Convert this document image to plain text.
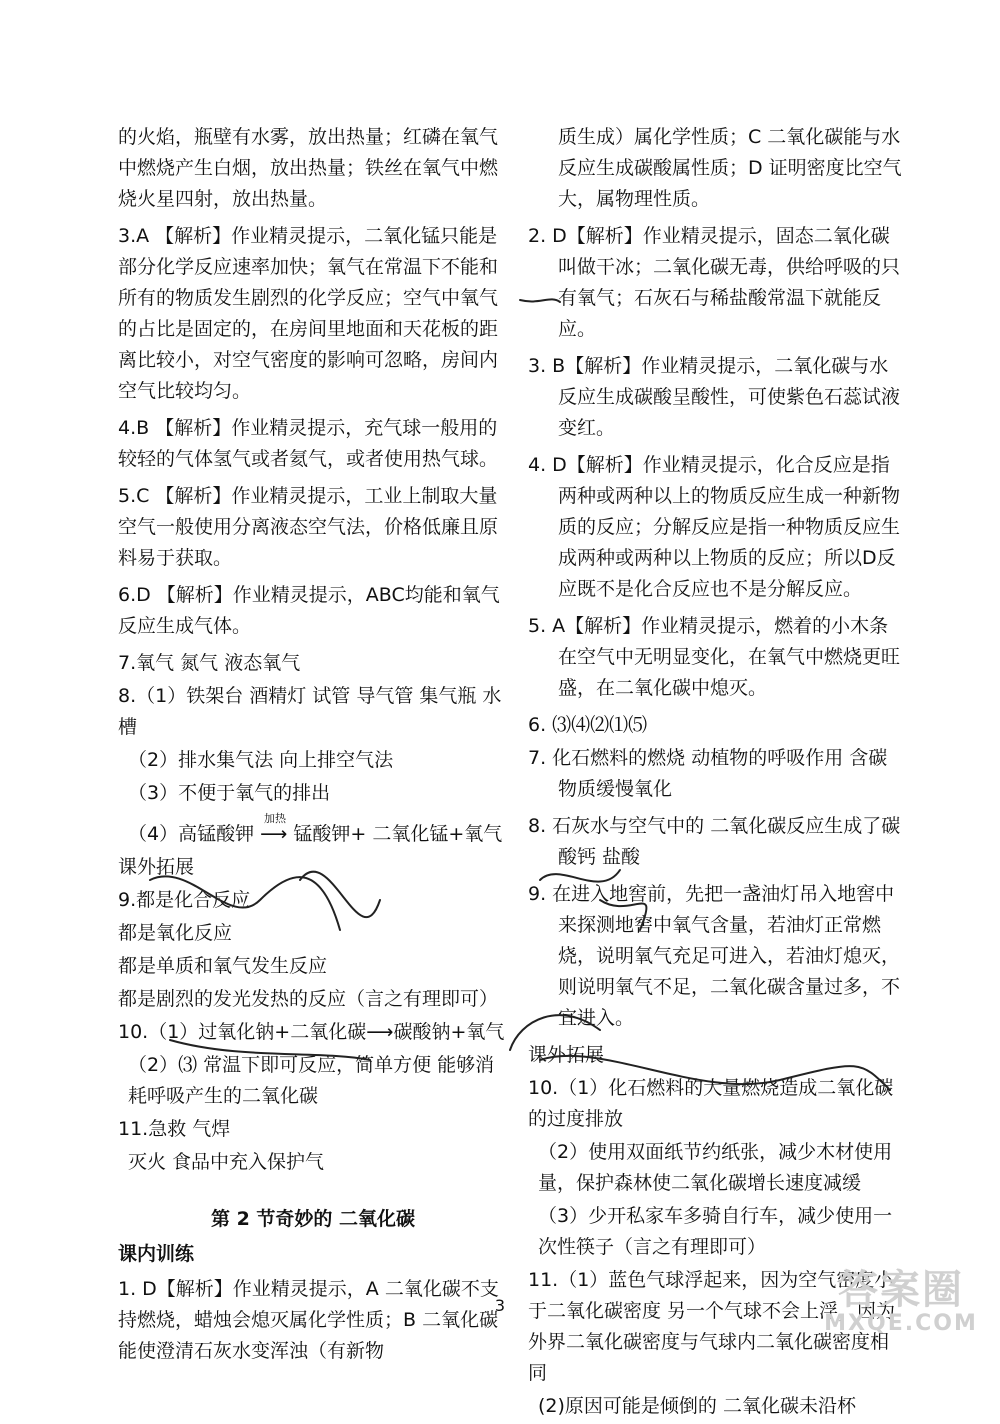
的火焰，瓶壁有水雾，放出热量；红磷在氧气中燃烧产生白烟，放出热量；铁丝在氧气中燃烧火星四射，放出热量。

3.A 【解析】作业精灵提示，二氧化锰只能是部分化学反应速率加快；氧气在常温下不能和所有的物质发生剧烈的化学反应；空气中氧气的占比是固定的，在房间里地面和天花板的距离比较小，对空气密度的影响可忽略，房间内空气比较均匀。

4.B 【解析】作业精灵提示，充气球一般用的较轻的气体氢气或者氦气，或者使用热气球。

5.C 【解析】作业精灵提示，工业上制取大量空气一般使用分离液态空气法，价格低廉且原料易于获取。

6.D 【解析】作业精灵提示，ABC均能和氧气反应生成气体。

7.氧气 氮气 液态氧气

8.（1）铁架台 酒精灯 试管 导气管 集气瓶 水槽

（2）排水集气法 向上排空气法

（3）不便于氧气的排出

加热
（4）高锰酸钾 ⟶ 锰酸钾+ 二氧化锰+氧气

课外拓展

9.都是化合反应

都是氧化反应

都是单质和氧气发生反应

都是剧烈的发光发热的反应（言之有理即可）

10.（1）过氧化钠+二氧化碳⟶碳酸钠+氧气

（2）⑶ 常温下即可反应，简单方便 能够消耗呼吸产生的二氧化碳

11.急救 气焊

灭火 食品中充入保护气

第 2 节奇妙的 二氧化碳
课内训练

1. D【解析】作业精灵提示，A 二氧化碳不支持燃烧，蜡烛会熄灭属化学性质；B 二氧化碳能使澄清石灰水变浑浊（有新物

质生成）属化学性质；C 二氧化碳能与水反应生成碳酸属性质；D 证明密度比空气大，属物理性质。

2. D【解析】作业精灵提示，固态二氧化碳叫做干冰；二氧化碳无毒，供给呼吸的只有氧气；石灰石与稀盐酸常温下就能反应。

3. B【解析】作业精灵提示，二氧化碳与水反应生成碳酸呈酸性，可使紫色石蕊试液变红。

4. D【解析】作业精灵提示，化合反应是指两种或两种以上的物质反应生成一种新物质的反应；分解反应是指一种物质反应生成两种或两种以上物质的反应；所以D反应既不是化合反应也不是分解反应。

5. A【解析】作业精灵提示，燃着的小木条在空气中无明显变化，在氧气中燃烧更旺盛，在二氧化碳中熄灭。

6. ⑶⑷⑵⑴⑸

7. 化石燃料的燃烧 动植物的呼吸作用 含碳物质缓慢氧化

8. 石灰水与空气中的 二氧化碳反应生成了碳酸钙 盐酸

9. 在进入地窖前，先把一盏油灯吊入地窖中来探测地窖中氧气含量，若油灯正常燃烧，说明氧气充足可进入，若油灯熄灭，则说明氧气不足，二氧化碳含量过多，不宜进入。

课外拓展

10.（1）化石燃料的大量燃烧造成二氧化碳的过度排放

（2）使用双面纸节约纸张，减少木材使用量，保护森林使二氧化碳增长速度减缓

（3）少开私家车多骑自行车，减少使用一次性筷子（言之有理即可）

11.（1）蓝色气球浮起来，因为空气密度小于二氧化碳密度 另一个气球不会上浮，因为外界二氧化碳密度与气球内二氧化碳密度相同

(2)原因可能是倾倒的 二氧化碳未沿杯

3	答案圈
MXQE.COM
